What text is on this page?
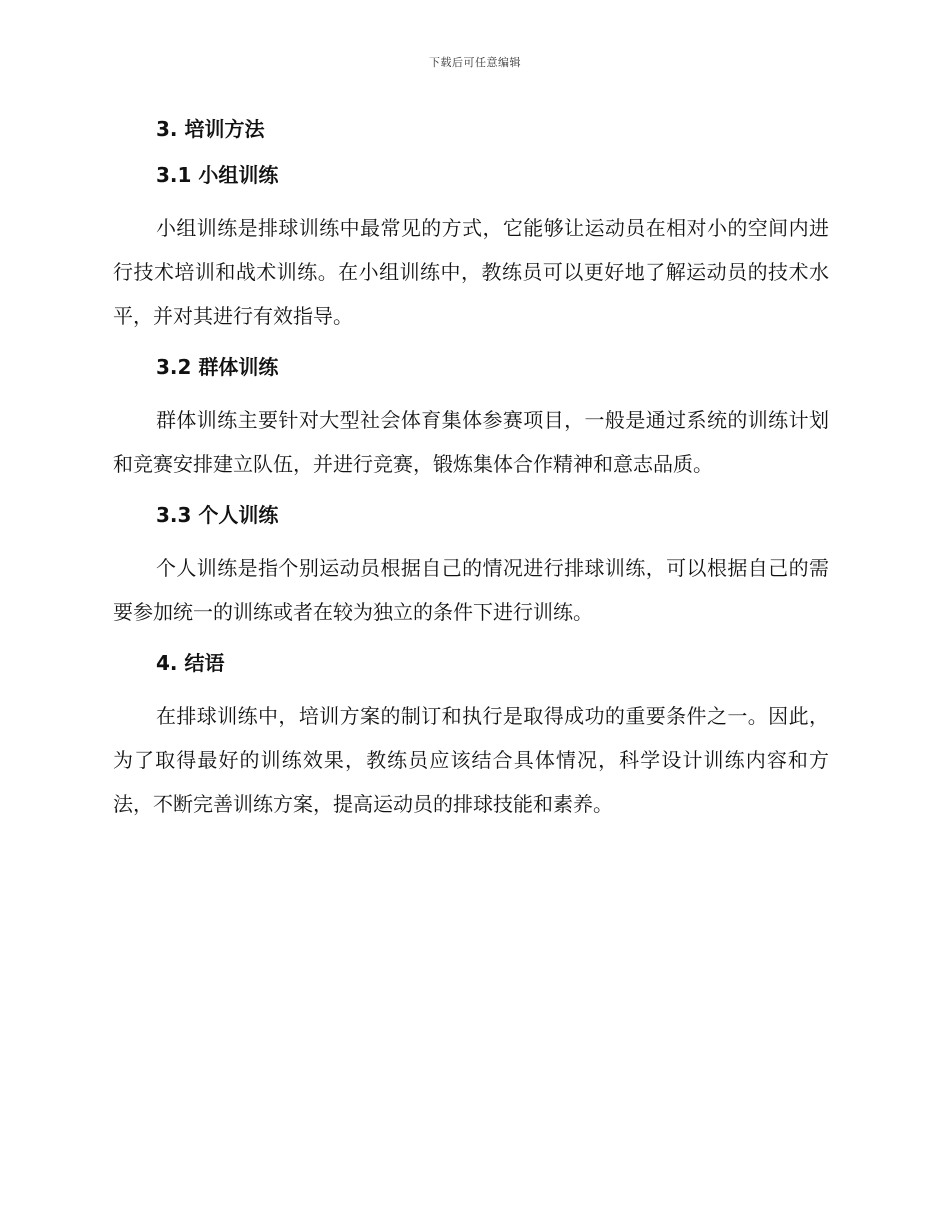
下载后可任意编辑
3. 培训方法
3.1 小组训练

小组训练是排球训练中最常见的方式，它能够让运动员在相对小的空间内进行技术培训和战术训练。在小组训练中，教练员可以更好地了解运动员的技术水平，并对其进行有效指导。

3.2 群体训练

群体训练主要针对大型社会体育集体参赛项目，一般是通过系统的训练计划和竞赛安排建立队伍，并进行竞赛，锻炼集体合作精神和意志品质。

3.3 个人训练

个人训练是指个别运动员根据自己的情况进行排球训练，可以根据自己的需要参加统一的训练或者在较为独立的条件下进行训练。

4. 结语

在排球训练中，培训方案的制订和执行是取得成功的重要条件之一。因此，为了取得最好的训练效果，教练员应该结合具体情况，科学设计训练内容和方法，不断完善训练方案，提高运动员的排球技能和素养。
